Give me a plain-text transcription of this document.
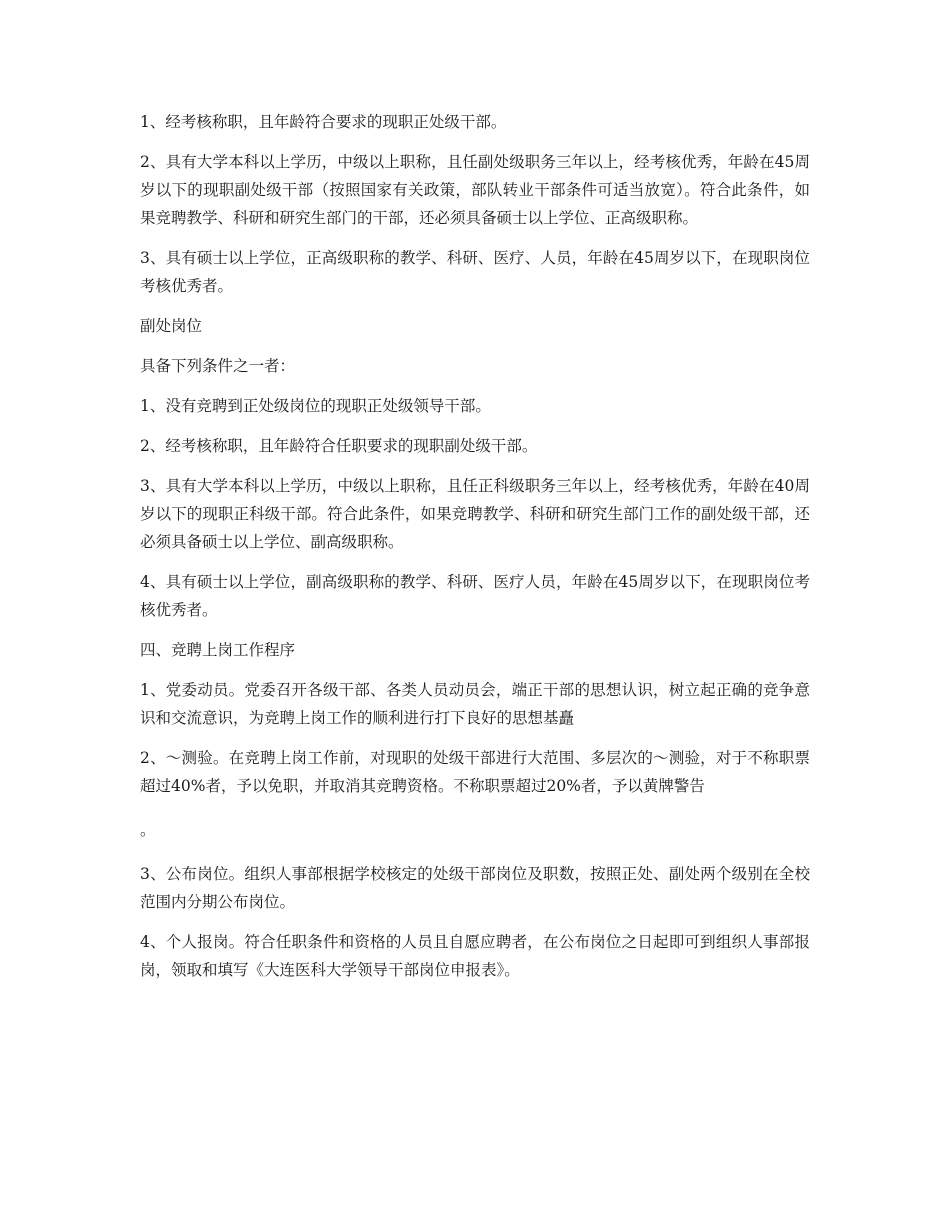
1、经考核称职，且年龄符合要求的现职正处级干部。

2、具有大学本科以上学历，中级以上职称，且任副处级职务三年以上，经考核优秀，年龄在45周岁以下的现职副处级干部（按照国家有关政策，部队转业干部条件可适当放宽）。符合此条件，如果竞聘教学、科研和研究生部门的干部，还必须具备硕士以上学位、正高级职称。

3、具有硕士以上学位，正高级职称的教学、科研、医疗、人员，年龄在45周岁以下，在现职岗位考核优秀者。

副处岗位

具备下列条件之一者：

1、没有竞聘到正处级岗位的现职正处级领导干部。

2、经考核称职，且年龄符合任职要求的现职副处级干部。

3、具有大学本科以上学历，中级以上职称，且任正科级职务三年以上，经考核优秀，年龄在40周岁以下的现职正科级干部。符合此条件，如果竞聘教学、科研和研究生部门工作的副处级干部，还必须具备硕士以上学位、副高级职称。

4、具有硕士以上学位，副高级职称的教学、科研、医疗人员，年龄在45周岁以下，在现职岗位考核优秀者。

四、竞聘上岗工作程序

1、党委动员。党委召开各级干部、各类人员动员会，端正干部的思想认识，树立起正确的竞争意识和交流意识，为竞聘上岗工作的顺利进行打下良好的思想基矗

2、～测验。在竞聘上岗工作前，对现职的处级干部进行大范围、多层次的～测验，对于不称职票超过40%者，予以免职，并取消其竞聘资格。不称职票超过20%者，予以黄牌警告

。

3、公布岗位。组织人事部根据学校核定的处级干部岗位及职数，按照正处、副处两个级别在全校范围内分期公布岗位。

4、个人报岗。符合任职条件和资格的人员且自愿应聘者，在公布岗位之日起即可到组织人事部报岗，领取和填写《大连医科大学领导干部岗位申报表》。
